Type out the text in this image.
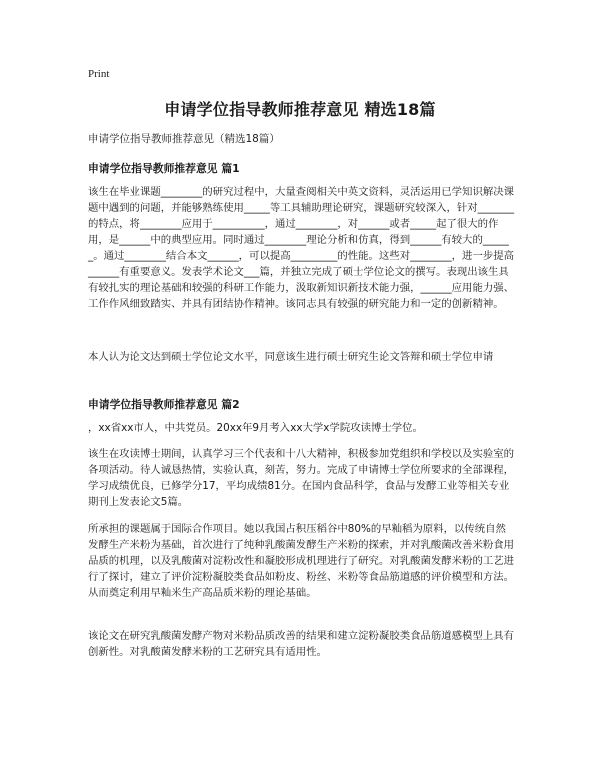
Print
申请学位指导教师推荐意见 精选18篇
申请学位指导教师推荐意见（精选18篇）
申请学位指导教师推荐意见 篇1

该生在毕业课题________的研究过程中，大量查阅相关中英文资料，灵活运用已学知识解决课题中遇到的问题，并能够熟练使用_____等工具辅助理论研究，课题研究较深入，针对_______的特点，将________应用于__________，通过________，对______或者_____起了很大的作用，是______中的典型应用。同时通过________理论分析和仿真，得到______有较大的______。通过________结合本文______，可以提高_________的性能。这些对________，进一步提高______有重要意义。发表学术论文___篇，并独立完成了硕士学位论文的撰写。表现出该生具有较扎实的理论基础和较强的科研工作能力，汲取新知识新技术能力强，______应用能力强、工作作风细致踏实、并具有团结协作精神。该同志具有较强的研究能力和一定的创新精神。

本人认为论文达到硕士学位论文水平，同意该生进行硕士研究生论文答辩和硕士学位申请

申请学位指导教师推荐意见 篇2

，xx省xx市人，中共党员。20xx年9月考入xx大学x学院攻读博士学位。

该生在攻读博士期间，认真学习三个代表和十八大精神，积极参加党组织和学校以及实验室的各项活动。待人诚恳热情，实验认真，刻苦，努力。完成了申请博士学位所要求的全部课程，学习成绩优良，已修学分17，平均成绩81分。在国内食品科学，食品与发酵工业等相关专业期刊上发表论文5篇。

所承担的课题属于国际合作项目。她以我国占积压稻谷中80%的早籼稻为原料，以传统自然发酵生产米粉为基础，首次进行了纯种乳酸菌发酵生产米粉的探索，并对乳酸菌改善米粉食用品质的机理，以及乳酸菌对淀粉改性和凝胶形成机理进行了研究。对乳酸菌发酵米粉的工艺进行了探讨，建立了评价淀粉凝胶类食品如粉皮、粉丝、米粉等食品筋道感的评价模型和方法。从而奠定利用早籼米生产高品质米粉的理论基础。

该论文在研究乳酸菌发酵产物对米粉品质改善的结果和建立淀粉凝胶类食品筋道感模型上具有创新性。对乳酸菌发酵米粉的工艺研究具有适用性。
